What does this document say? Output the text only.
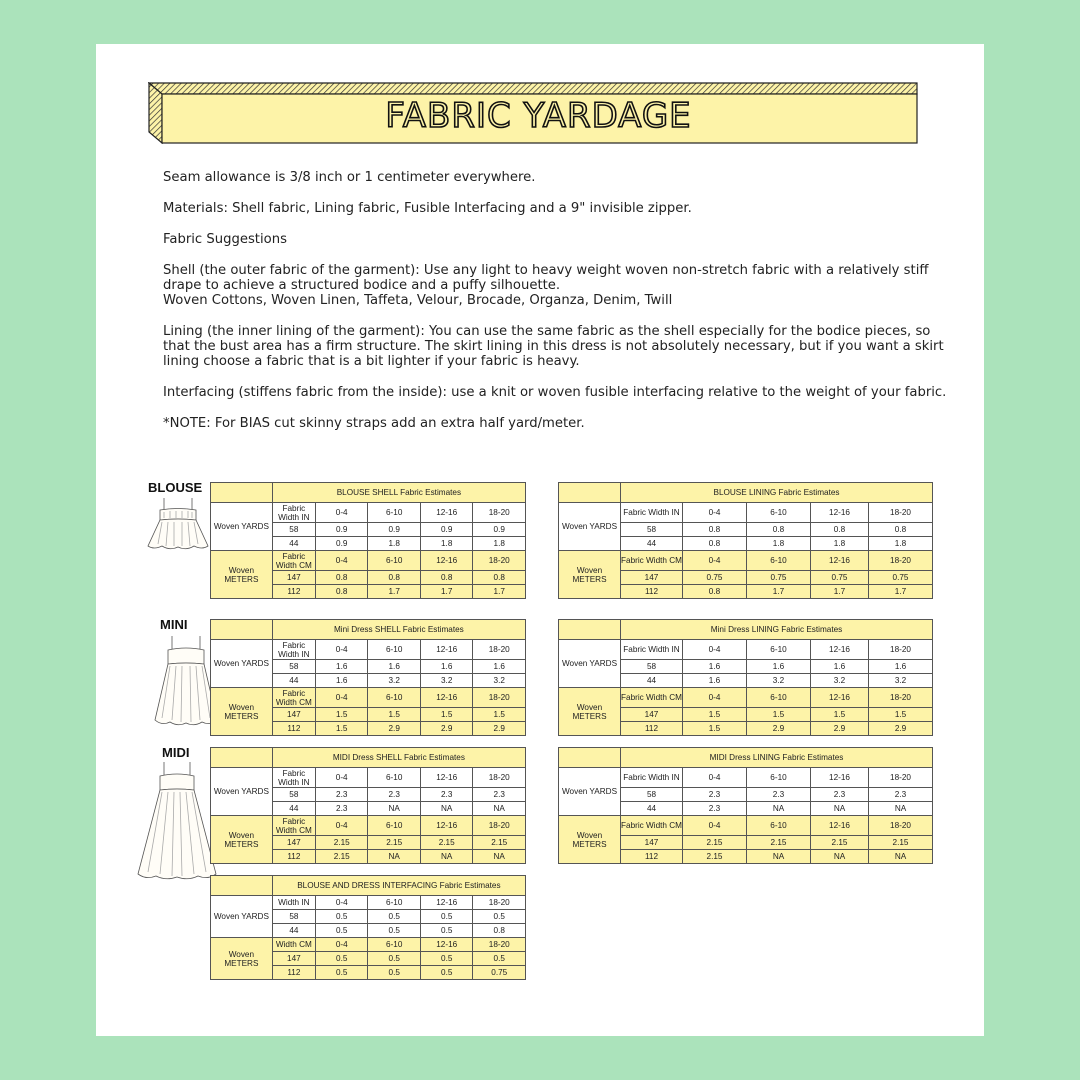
FABRIC YARDAGE

Seam allowance is 3/8 inch or 1 centimeter everywhere.

Materials: Shell fabric, Lining fabric, Fusible Interfacing and a 9" invisible zipper.

Fabric Suggestions

Shell (the outer fabric of the garment): Use any light to heavy weight woven non-stretch fabric with a relatively stiff drape to achieve a structured bodice and a puffy silhouette.
Woven Cottons, Woven Linen, Taffeta, Velour, Brocade, Organza, Denim, Twill

Lining (the inner lining of the garment): You can use the same fabric as the shell especially for the bodice pieces, so that the bust area has a firm structure. The skirt lining in this dress is not absolutely necessary, but if you want a skirt lining choose a fabric that is a bit lighter if your fabric is heavy.

Interfacing (stiffens fabric from the inside): use a knit or woven fusible interfacing relative to the weight of your fabric.

*NOTE: For BIAS cut skinny straps add an extra half yard/meter.

BLOUSE
MINI
MIDI
	BLOUSE SHELL Fabric Estimates				
Woven YARDS	Fabric Width IN	0-4	6-10	12-16	18-20
	58	0.9	0.9	0.9	0.9
	44	0.9	1.8	1.8	1.8
Woven METERS	Fabric Width CM	0-4	6-10	12-16	18-20
	147	0.8	0.8	0.8	0.8
	112	0.8	1.7	1.7	1.7
	BLOUSE LINING Fabric Estimates				
Woven YARDS	Fabric Width IN	0-4	6-10	12-16	18-20
	58	0.8	0.8	0.8	0.8
	44	0.8	1.8	1.8	1.8
Woven METERS	Fabric Width CM	0-4	6-10	12-16	18-20
	147	0.75	0.75	0.75	0.75
	112	0.8	1.7	1.7	1.7
	Mini Dress SHELL Fabric Estimates				
Woven YARDS	Fabric Width IN	0-4	6-10	12-16	18-20
	58	1.6	1.6	1.6	1.6
	44	1.6	3.2	3.2	3.2
Woven METERS	Fabric Width CM	0-4	6-10	12-16	18-20
	147	1.5	1.5	1.5	1.5
	112	1.5	2.9	2.9	2.9
	Mini Dress LINING Fabric Estimates				
Woven YARDS	Fabric Width IN	0-4	6-10	12-16	18-20
	58	1.6	1.6	1.6	1.6
	44	1.6	3.2	3.2	3.2
Woven METERS	Fabric Width CM	0-4	6-10	12-16	18-20
	147	1.5	1.5	1.5	1.5
	112	1.5	2.9	2.9	2.9
	MIDI Dress SHELL Fabric Estimates				
Woven YARDS	Fabric Width IN	0-4	6-10	12-16	18-20
	58	2.3	2.3	2.3	2.3
	44	2.3	NA	NA	NA
Woven METERS	Fabric Width CM	0-4	6-10	12-16	18-20
	147	2.15	2.15	2.15	2.15
	112	2.15	NA	NA	NA
	MIDI Dress LINING Fabric Estimates				
Woven YARDS	Fabric Width IN	0-4	6-10	12-16	18-20
	58	2.3	2.3	2.3	2.3
	44	2.3	NA	NA	NA
Woven METERS	Fabric Width CM	0-4	6-10	12-16	18-20
	147	2.15	2.15	2.15	2.15
	112	2.15	NA	NA	NA
	BLOUSE AND DRESS INTERFACING Fabric Estimates				
Woven YARDS	Width IN	0-4	6-10	12-16	18-20
	58	0.5	0.5	0.5	0.5
	44	0.5	0.5	0.5	0.8
Woven METERS	Width CM	0-4	6-10	12-16	18-20
	147	0.5	0.5	0.5	0.5
	112	0.5	0.5	0.5	0.75
